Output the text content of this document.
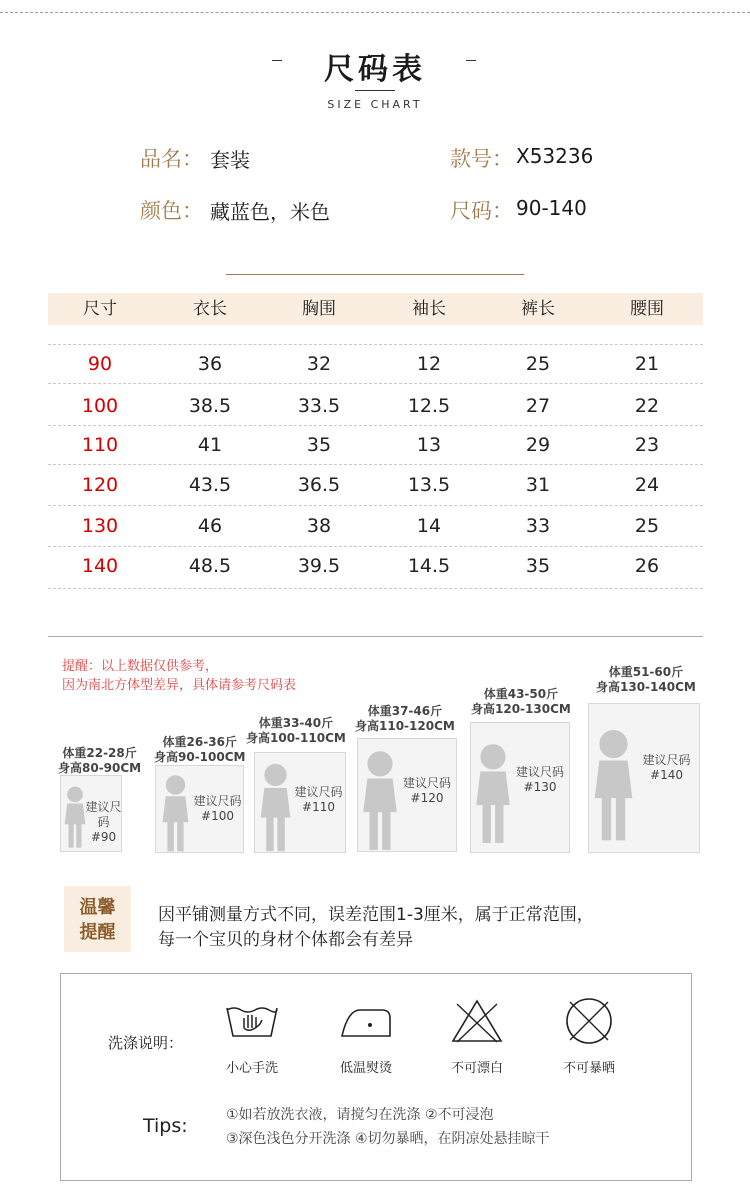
尺码表
SIZE CHART
品名： 套装	款号： X53236
颜色： 藏蓝色，米色	尺码： 90-140
尺寸	衣长	胸围	袖长	裤长	腰围
90	36	32	12	25	21
100	38.5	33.5	12.5	27	22
110	41	35	13	29	23
120	43.5	36.5	13.5	31	24
130	46	38	14	33	25
140	48.5	39.5	14.5	35	26
提醒：以上数据仅供参考，
因为南北方体型差异，具体请参考尺码表
体重22-28斤
身高80-90CM
建议尺码
#90
体重26-36斤
身高90-100CM
建议尺码
#100
体重33-40斤
身高100-110CM
建议尺码
#110
体重37-46斤
身高110-120CM
建议尺码
#120
体重43-50斤
身高120-130CM
建议尺码
#130
体重51-60斤
身高130-140CM
建议尺码
#140
温馨
提醒
因平铺测量方式不同，误差范围1-3厘米，属于正常范围，
每一个宝贝的身材个体都会有差异
洗涤说明：
小心手洗	低温熨烫	不可漂白	不可暴晒
Tips:	①如若放洗衣液，请搅匀在洗涤 ②不可浸泡
③深色浅色分开洗涤 ④切勿暴晒，在阴凉处悬挂晾干
